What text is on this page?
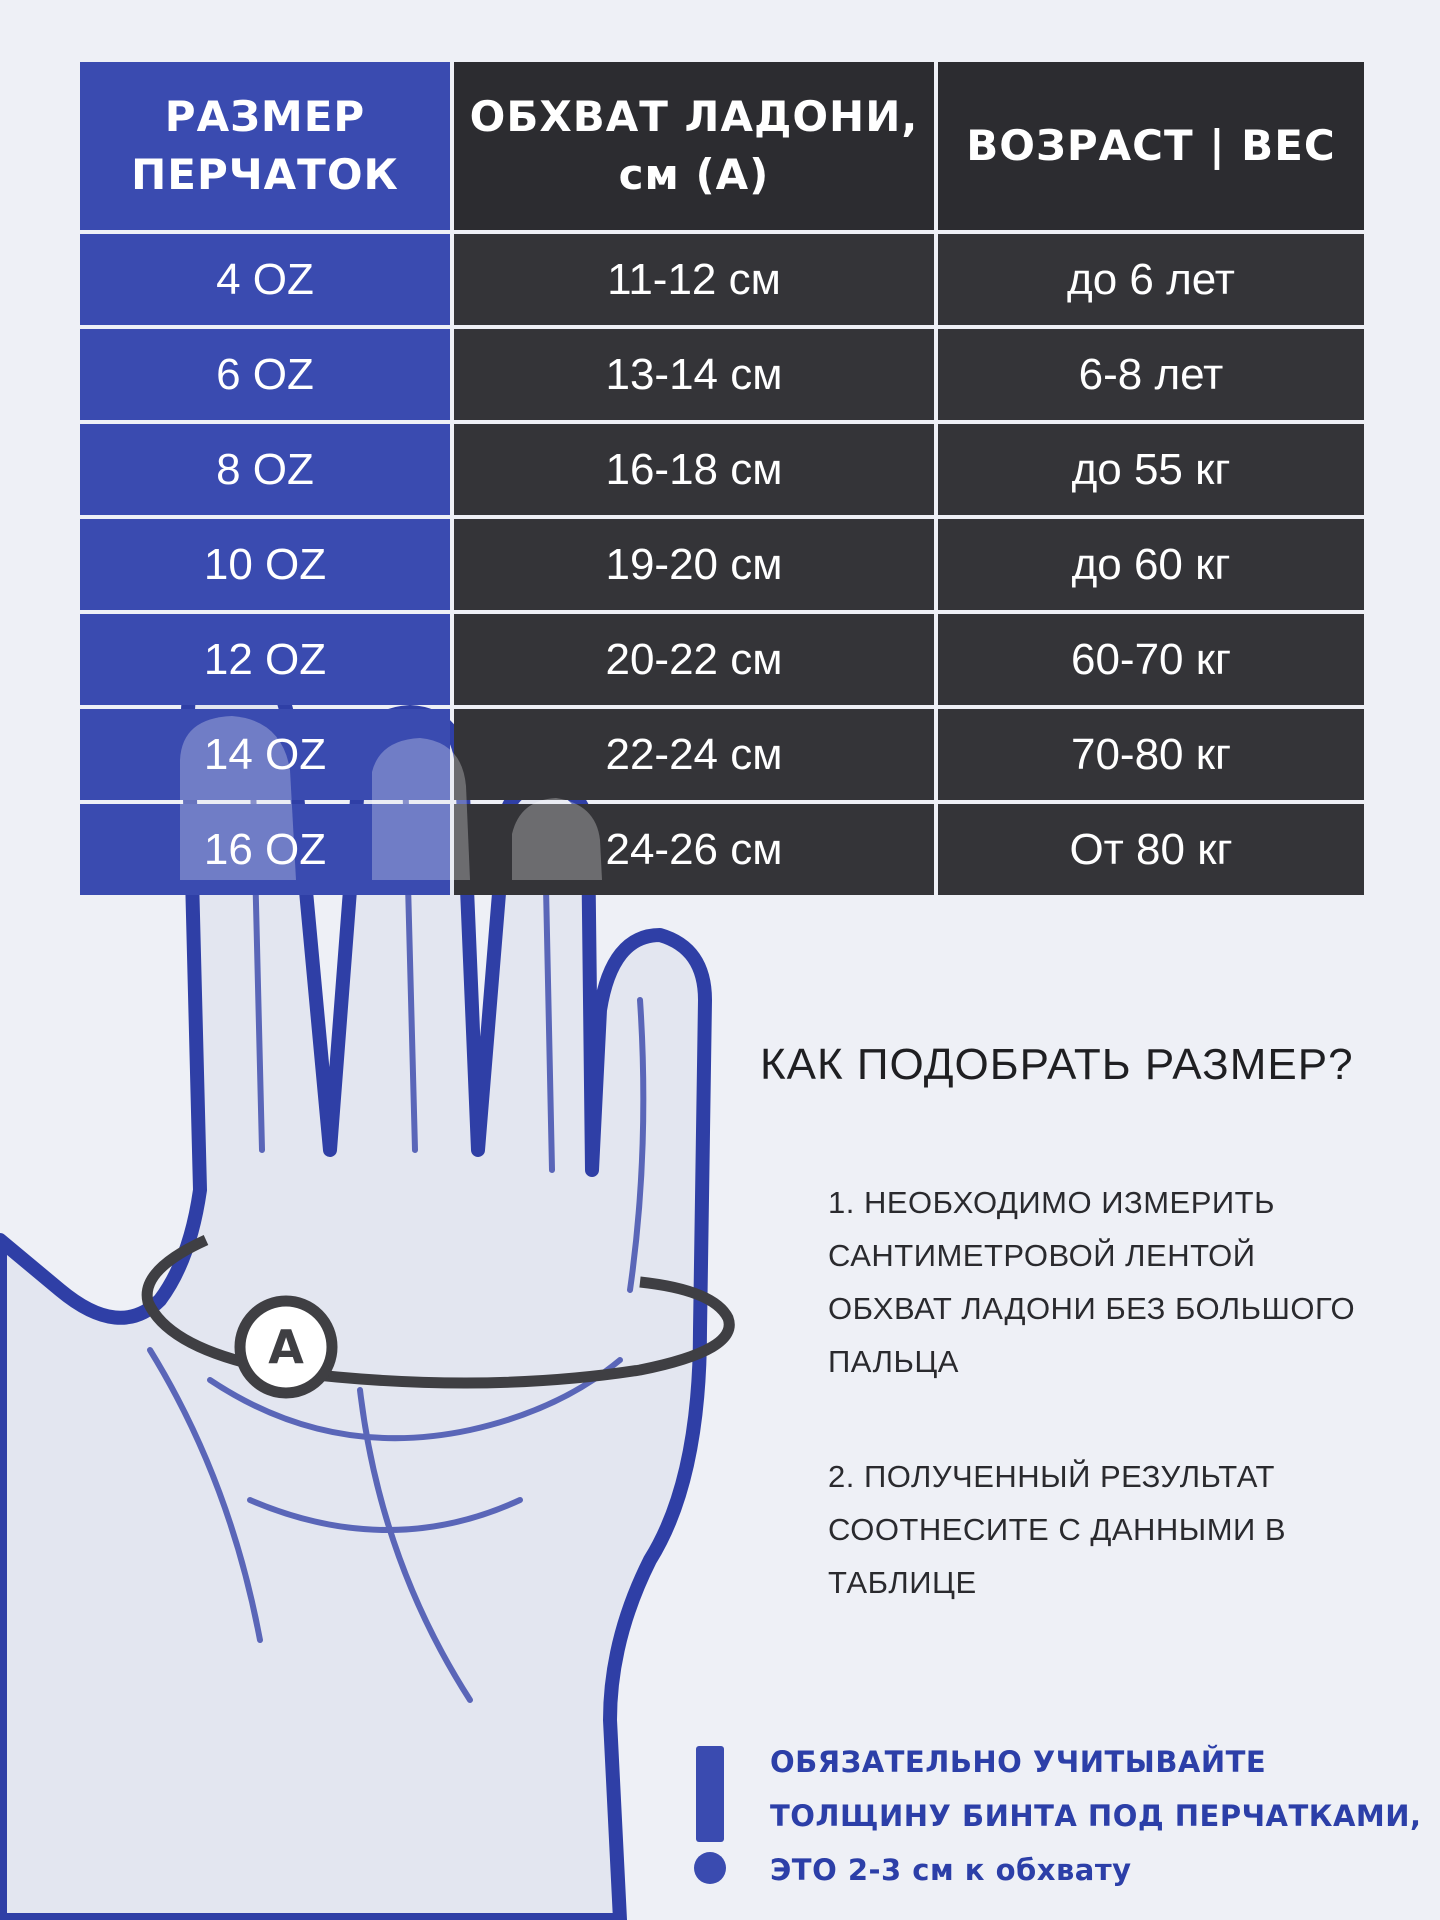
A
РАЗМЕР ПЕРЧАТОК	ОБХВАТ ЛАДОНИ, см (А)	ВОЗРАСТ | ВЕС
4 OZ	11-12 см	до 6 лет
6 OZ	13-14 см	6-8 лет
8 OZ	16-18 см	до 55 кг
10 OZ	19-20 см	до 60 кг
12 OZ	20-22 см	60-70 кг
14 OZ	22-24 см	70-80 кг
16 OZ	24-26 см	От 80 кг
КАК ПОДОБРАТЬ РАЗМЕР?

1. НЕОБХОДИМО ИЗМЕРИТЬ САНТИМЕТРОВОЙ ЛЕНТОЙ ОБХВАТ ЛАДОНИ БЕЗ БОЛЬШОГО ПАЛЬЦА

2. ПОЛУЧЕННЫЙ РЕЗУЛЬТАТ СООТНЕСИТЕ С ДАННЫМИ В ТАБЛИЦЕ

ОБЯЗАТЕЛЬНО УЧИТЫВАЙТЕ ТОЛЩИНУ БИНТА ПОД ПЕРЧАТКАМИ, ЭТО 2-3 см к обхвату
